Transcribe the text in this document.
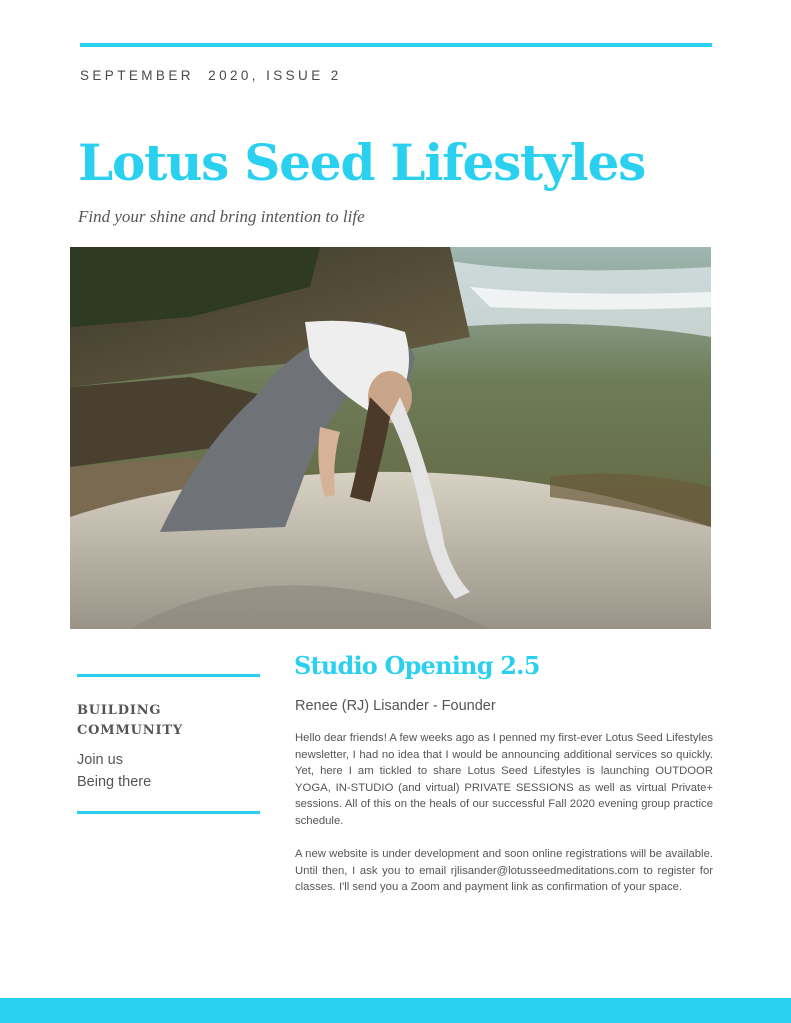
SEPTEMBER  2020, ISSUE 2
Lotus Seed Lifestyles
Find your shine and bring intention to life
BUILDING COMMUNITY
Join us
Being there
Studio Opening 2.5
Renee (RJ) Lisander - Founder

Hello dear friends! A few weeks ago as I penned my first-ever Lotus Seed Lifestyles newsletter, I had no idea that I would be announcing additional services so quickly. Yet, here I am tickled to share Lotus Seed Lifestyles is launching OUTDOOR YOGA, IN-STUDIO (and virtual) PRIVATE SESSIONS as well as virtual Private+ sessions. All of this on the heals of our successful Fall 2020 evening group practice schedule.

A new website is under development and soon online registrations will be available. Until then, I ask you to email rjlisander@lotusseedmeditations.com to register for classes. I'll send you a Zoom and payment link as confirmation of your space.
